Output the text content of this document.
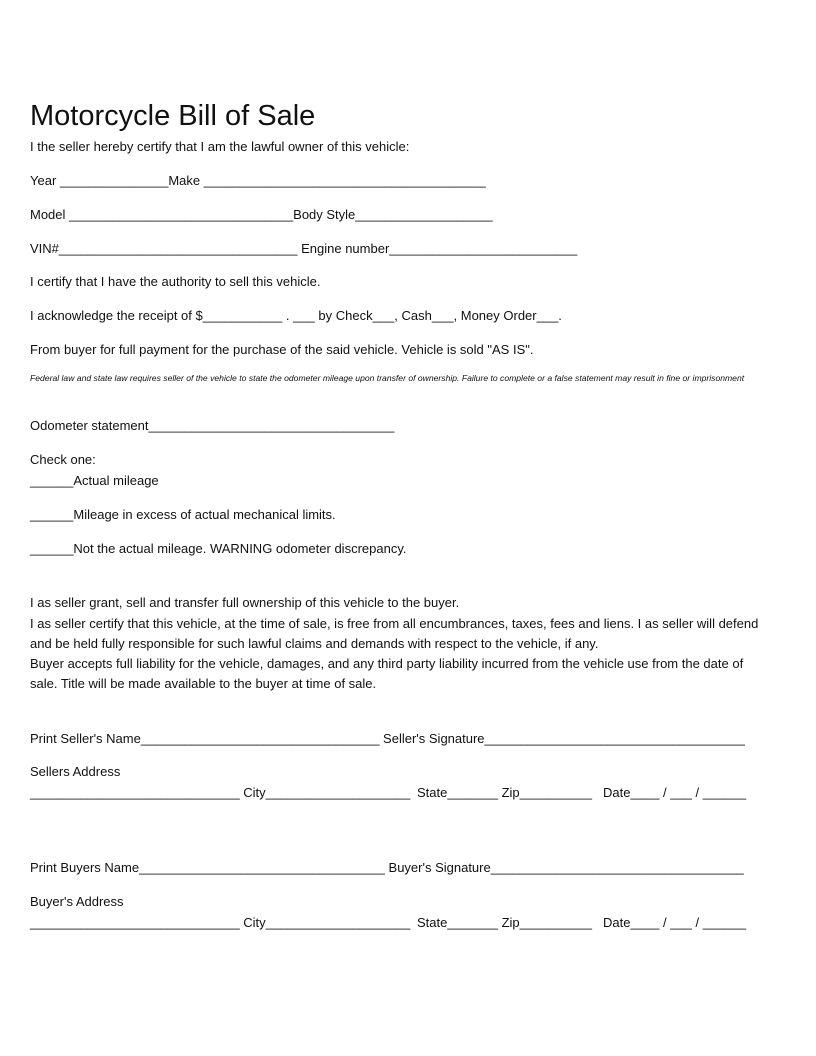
Motorcycle Bill of Sale
I the seller hereby certify that I am the lawful owner of this vehicle:
Year _______________Make _______________________________________
Model _______________________________Body Style___________________
VIN#_________________________________ Engine number__________________________
I certify that I have the authority to sell this vehicle.
I acknowledge the receipt of $___________ . ___ by Check___, Cash___, Money Order___.
From buyer for full payment for the purchase of the said vehicle. Vehicle is sold "AS IS".
Federal law and state law requires seller of the vehicle to state the odometer mileage upon transfer of ownership. Failure to complete or a false statement may result in fine or imprisonment
Odometer statement__________________________________
Check one:
______Actual mileage
______Mileage in excess of actual mechanical limits.
______Not the actual mileage. WARNING odometer discrepancy.
I as seller grant, sell and transfer full ownership of this vehicle to the buyer.
I as seller certify that this vehicle, at the time of sale, is free from all encumbrances, taxes, fees and liens. I as seller will defend and be held fully responsible for such lawful claims and demands with respect to the vehicle, if any.
Buyer accepts full liability for the vehicle, damages, and any third party liability incurred from the vehicle use from the date of sale. Title will be made available to the buyer at time of sale.
Print Seller's Name_________________________________ Seller's Signature____________________________________
Sellers Address
_____________________________ City____________________ State_______ Zip__________ Date____ / ___ / ______
Print Buyers Name__________________________________ Buyer's Signature___________________________________
Buyer's Address
_____________________________ City____________________ State_______ Zip__________ Date____ / ___ / ______
